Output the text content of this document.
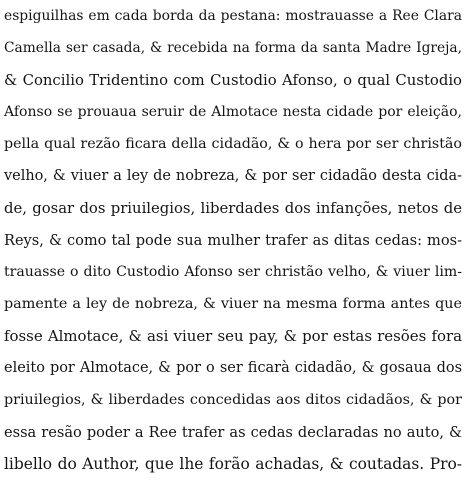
espiguilhas em cada borda da pestana: mostrauasse a Ree Clara
Camella ser casada, & recebida na forma da santa Madre Igreja,
& Concilio Tridentino com Custodio Afonso, o qual Custodio
Afonso se prouaua seruir de Almotace nesta cidade por eleição,
pella qual rezão ficara della cidadão, & o hera por ser christão
velho, & viuer a ley de nobreza, & por ser cidadão desta cida-
de, gosar dos priuilegios, liberdades dos infanções, netos de
Reys, & como tal pode sua mulher trafer as ditas cedas: mos-
trauasse o dito Custodio Afonso ser christão velho, & viuer lim-
pamente a ley de nobreza, & viuer na mesma forma antes que
fosse Almotace, & asi viuer seu pay, & por estas resões fora
eleito por Almotace, & por o ser ficarà cidadão, & gosaua dos
priuilegios, & liberdades concedidas aos ditos cidadãos, & por
essa resão poder a Ree trafer as cedas declaradas no auto, &
libello do Author, que lhe forão achadas, & coutadas. Pro-
